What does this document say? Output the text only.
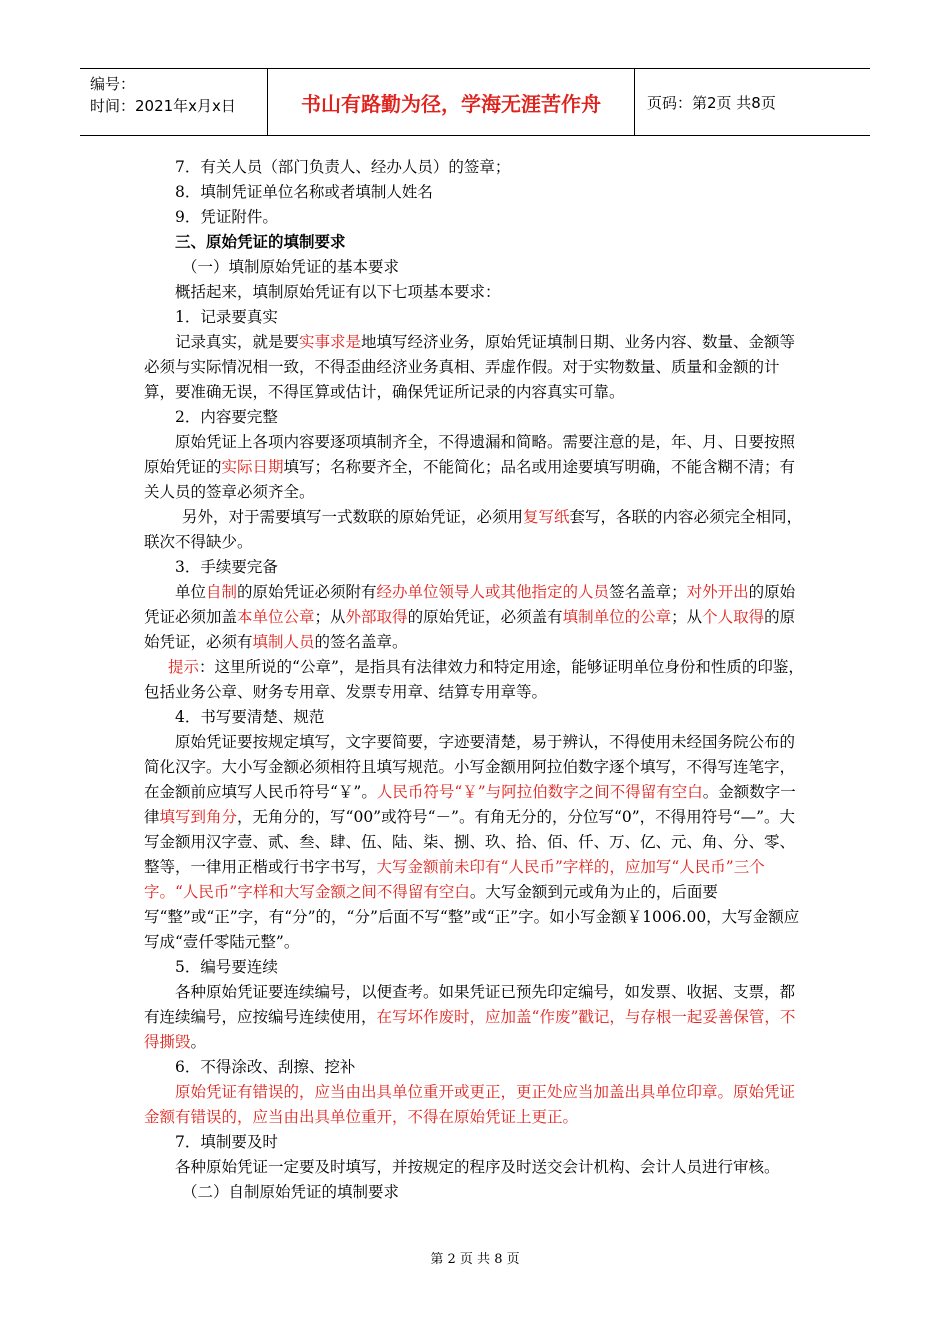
编号：
时间：2021年x月x日	书山有路勤为径，学海无涯苦作舟	页码：第2页 共8页

7．有关人员（部门负责人、经办人员）的签章；

8．填制凭证单位名称或者填制人姓名

9．凭证附件。

三、原始凭证的填制要求

（一）填制原始凭证的基本要求

概括起来，填制原始凭证有以下七项基本要求：

1．记录要真实

记录真实，就是要实事求是地填写经济业务，原始凭证填制日期、业务内容、数量、金额等必须与实际情况相一致，不得歪曲经济业务真相、弄虚作假。对于实物数量、质量和金额的计算，要准确无误，不得匡算或估计，确保凭证所记录的内容真实可靠。

2．内容要完整

原始凭证上各项内容要逐项填制齐全，不得遗漏和简略。需要注意的是，年、月、日要按照原始凭证的实际日期填写；名称要齐全，不能简化；品名或用途要填写明确，不能含糊不清；有关人员的签章必须齐全。

另外，对于需要填写一式数联的原始凭证，必须用复写纸套写，各联的内容必须完全相同，联次不得缺少。

3．手续要完备

单位自制的原始凭证必须附有经办单位领导人或其他指定的人员签名盖章；对外开出的原始凭证必须加盖本单位公章；从外部取得的原始凭证，必须盖有填制单位的公章；从个人取得的原始凭证，必须有填制人员的签名盖章。

提示：这里所说的“公章”，是指具有法律效力和特定用途，能够证明单位身份和性质的印鉴，包括业务公章、财务专用章、发票专用章、结算专用章等。

4．书写要清楚、规范

原始凭证要按规定填写，文字要简要，字迹要清楚，易于辨认，不得使用未经国务院公布的简化汉字。大小写金额必须相符且填写规范。小写金额用阿拉伯数字逐个填写，不得写连笔字，在金额前应填写人民币符号“￥”。人民币符号“￥”与阿拉伯数字之间不得留有空白。金额数字一律填写到角分，无角分的，写“00”或符号“－”。有角无分的，分位写“0”，不得用符号“—”。大写金额用汉字壹、贰、叁、肆、伍、陆、柒、捌、玖、拾、佰、仟、万、亿、元、角、分、零、整等，一律用正楷或行书字书写，大写金额前未印有“人民币”字样的，应加写“人民币”三个字。“人民币”字样和大写金额之间不得留有空白。大写金额到元或角为止的，后面要写“整”或“正”字，有“分”的，“分”后面不写“整”或“正”字。如小写金额￥1006.00，大写金额应写成“壹仟零陆元整”。

5．编号要连续

各种原始凭证要连续编号，以便查考。如果凭证已预先印定编号，如发票、收据、支票，都有连续编号，应按编号连续使用，在写坏作废时，应加盖“作废”戳记，与存根一起妥善保管，不得撕毁。

6．不得涂改、刮擦、挖补

原始凭证有错误的，应当由出具单位重开或更正，更正处应当加盖出具单位印章。原始凭证金额有错误的，应当由出具单位重开，不得在原始凭证上更正。

7．填制要及时

各种原始凭证一定要及时填写，并按规定的程序及时送交会计机构、会计人员进行审核。

（二）自制原始凭证的填制要求

第 2 页 共 8 页
